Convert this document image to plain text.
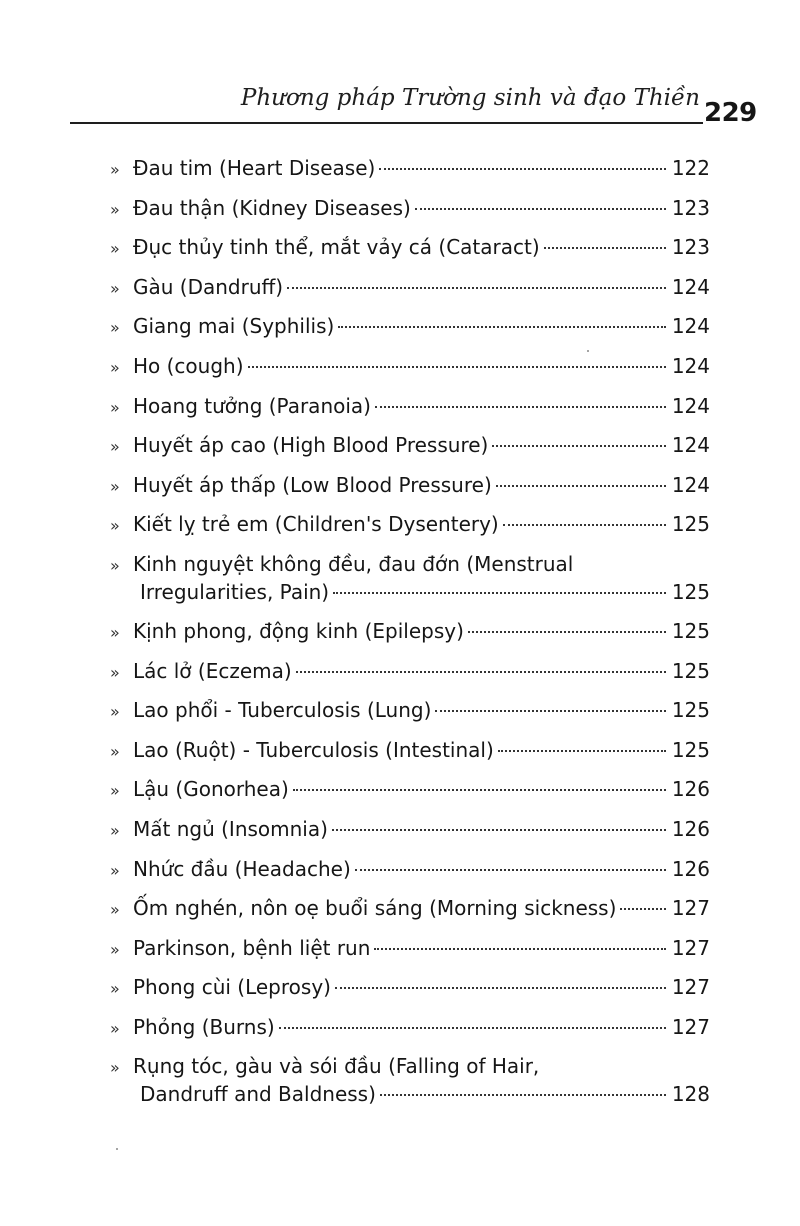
Phương pháp Trường sinh và đạo Thiền 229
» Đau tim (Heart Disease)	122
» Đau thận (Kidney Diseases)	123
» Đục thủy tinh thể, mắt vảy cá (Cataract)	123
» Gàu (Dandruff)	124
» Giang mai (Syphilis)	124
» Ho (cough)	124
» Hoang tưởng (Paranoia)	124
» Huyết áp cao (High Blood Pressure)	124
» Huyết áp thấp (Low Blood Pressure)	124
» Kiết lỵ trẻ em (Children's Dysentery)	125
» Kinh nguyệt không đều, đau đớn (Menstrual
Irregularities, Pain)	125
» Kịnh phong, động kinh (Epilepsy)	125
» Lác lở (Eczema)	125
» Lao phổi - Tuberculosis (Lung)	125
» Lao (Ruột) - Tuberculosis (Intestinal)	125
» Lậu (Gonorhea)	126
» Mất ngủ (Insomnia)	126
» Nhức đầu (Headache)	126
» Ốm nghén, nôn oẹ buổi sáng (Morning sickness)	127
» Parkinson, bệnh liệt run	127
» Phong cùi (Leprosy)	127
» Phỏng (Burns)	127
» Rụng tóc, gàu và sói đầu (Falling of Hair,
Dandruff and Baldness)	128
